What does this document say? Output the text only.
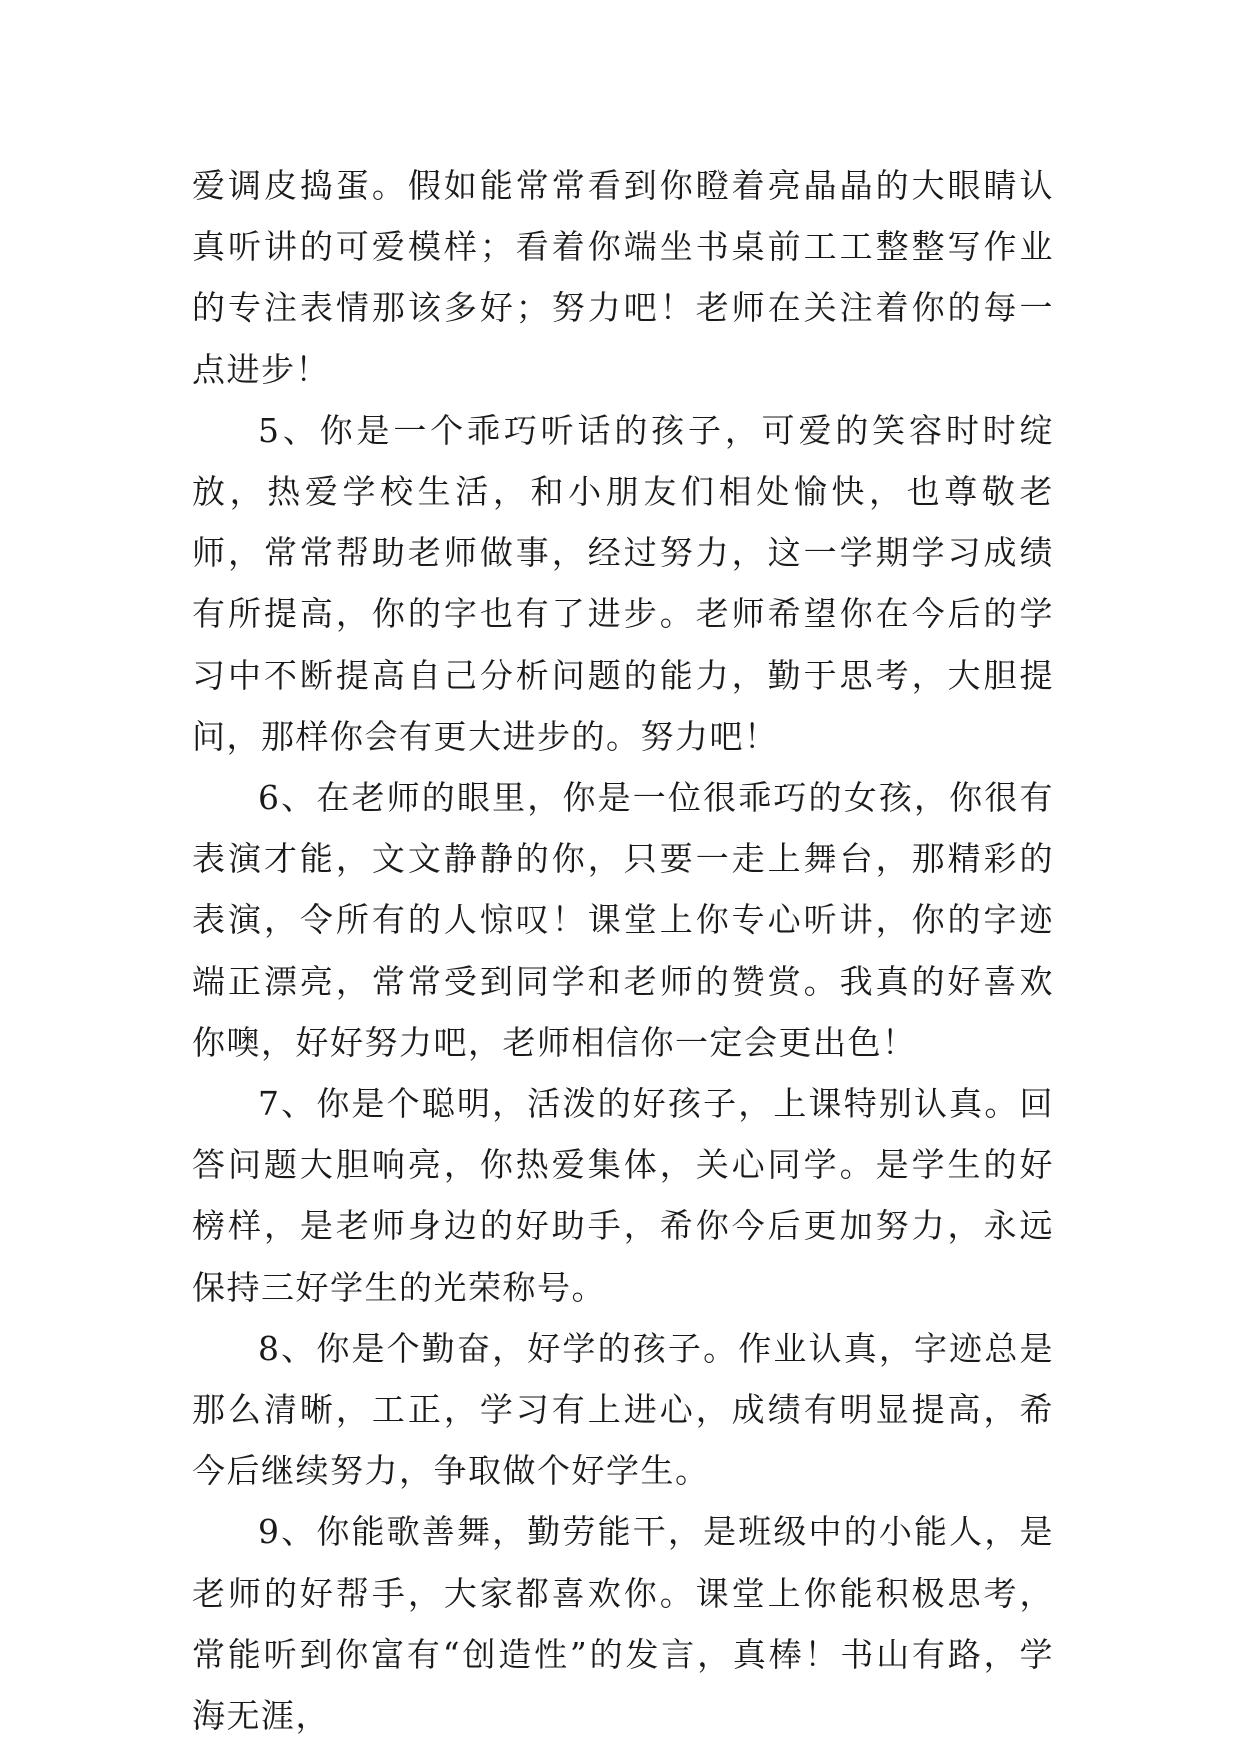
爱调皮捣蛋。假如能常常看到你瞪着亮晶晶的大眼睛认真听讲的可爱模样；看着你端坐书桌前工工整整写作业的专注表情那该多好；努力吧！老师在关注着你的每一点进步！

5、你是一个乖巧听话的孩子，可爱的笑容时时绽放，热爱学校生活，和小朋友们相处愉快，也尊敬老师，常常帮助老师做事，经过努力，这一学期学习成绩有所提高，你的字也有了进步。老师希望你在今后的学习中不断提高自己分析问题的能力，勤于思考，大胆提问，那样你会有更大进步的。努力吧！

6、在老师的眼里，你是一位很乖巧的女孩，你很有表演才能，文文静静的你，只要一走上舞台，那精彩的表演，令所有的人惊叹！课堂上你专心听讲，你的字迹端正漂亮，常常受到同学和老师的赞赏。我真的好喜欢你噢，好好努力吧，老师相信你一定会更出色！

7、你是个聪明，活泼的好孩子，上课特别认真。回答问题大胆响亮，你热爱集体，关心同学。是学生的好榜样，是老师身边的好助手，希你今后更加努力，永远保持三好学生的光荣称号。

8、你是个勤奋，好学的孩子。作业认真，字迹总是那么清晰，工正，学习有上进心，成绩有明显提高，希今后继续努力，争取做个好学生。

9、你能歌善舞，勤劳能干，是班级中的小能人，是老师的好帮手，大家都喜欢你。课堂上你能积极思考，常能听到你富有“创造性”的发言，真棒！书山有路，学海无涯，
